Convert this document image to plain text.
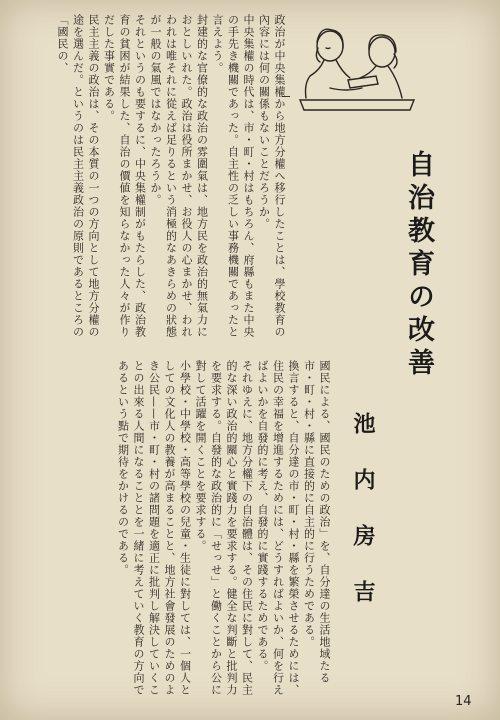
自治教育の改善
池内房吉

政治が中央集權から地方分權へ移行したことは、學校教育の內容には何の關係もないことだろうか。

中央集權の時代は、市・町・村はもちろん、府縣もまた中央の手先き機關であった。自主性の乏しい事務機關であったと言えよう。

封建的な官僚的な政治の雰圍氣は、地方民を政治的無氣力におとしいれた。政治は役所まかせ、お役人の心まかせ、われわれは唯それに從えば足りるという消極的なあきらめの狀態が一般の氣風ではなかったろうか。

それというのも要するに、中央集權制がもたらした、政治教育の貧困が結果した、自治の價値を知らなかった人々が作りだした事實である。

民主主義の政治は、その本質の一つの方向として地方分權の途を選んだ。というのは民主主義政治の原則であるところの「國民の、

國民による、國民のための政治」を、自分達の生活地域たる市・町・村・縣に直接的に自主的に行うためである。

換言すると、自分達の市・町・村・縣を繁榮させるためには、住民の幸福を增進するためには、どうすればよいか、何を行えばよいかを自發的に考え、自發的に實踐するためである。

それゆえに、地方分權下の自治體は、その住民に對して、民主的な深い政治的關心と實踐力を要求する。健全な判斷と批判力を要求する。自發的な政治的に「せっせ」と働くことから公に對して活躍を開くことを要求する。

小學校・中學校・高等學校の兒童・生徒に對しては、一個人としての文化人の教養が高まることと、地方社會發展のためのよき公民——市・町・村の諸問題を適正に批判し解決していくことの出來る人間になることとを一緒に考えていく教育の方向であるという點で期待をかけるのである。

14
